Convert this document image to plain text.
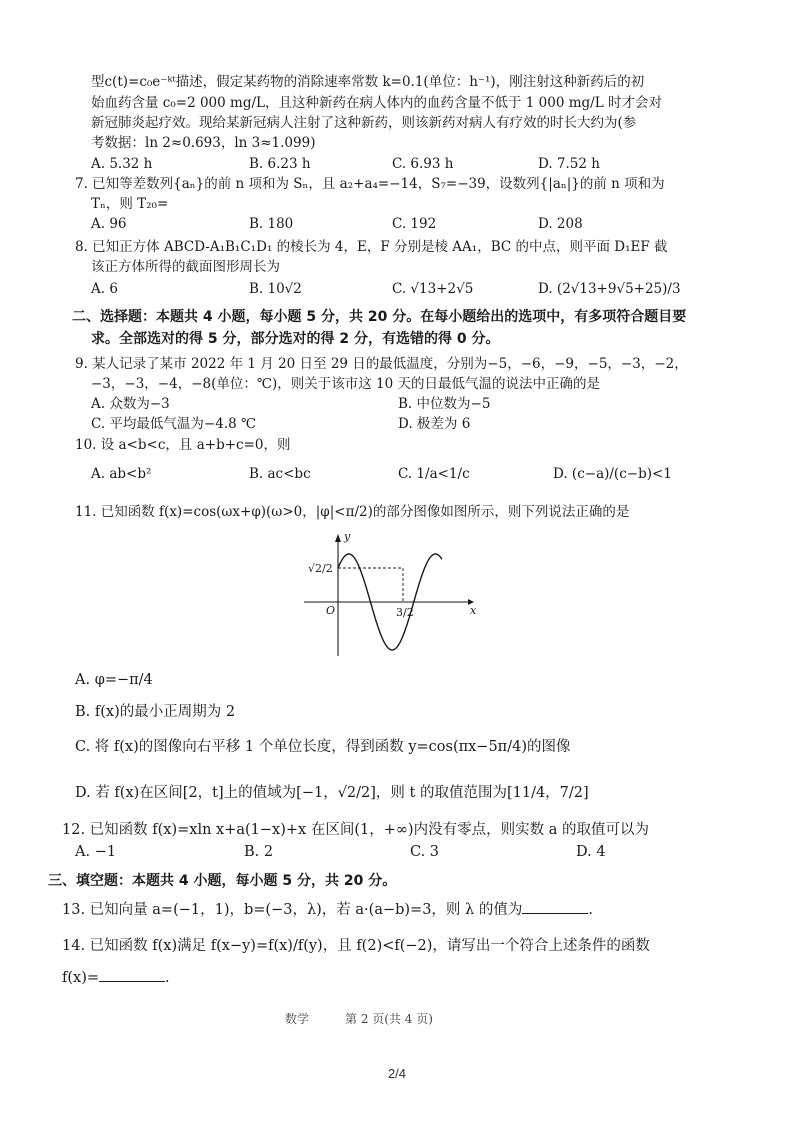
型c(t)=c₀e⁻ᵏᵗ描述，假定某药物的消除速率常数 k=0.1(单位：h⁻¹)，刚注射这种新药后的初
始血药含量 c₀=2 000 mg/L，且这种新药在病人体内的血药含量不低于 1 000 mg/L 时才会对
新冠肺炎起疗效。现给某新冠病人注射了这种新药，则该新药对病人有疗效的时长大约为(参
考数据：ln 2≈0.693，ln 3≈1.099)
A. 5.32 h	B. 6.23 h	C. 6.93 h	D. 7.52 h
7. 已知等差数列{aₙ}的前 n 项和为 Sₙ，且 a₂+a₄=−14，S₇=−39，设数列{|aₙ|}的前 n 项和为
Tₙ，则 T₂₀=
A. 96	B. 180	C. 192	D. 208
8. 已知正方体 ABCD-A₁B₁C₁D₁ 的棱长为 4，E，F 分别是棱 AA₁，BC 的中点，则平面 D₁EF 截
该正方体所得的截面图形周长为
A. 6	B. 10√2	C. √13+2√5	D. (2√13+9√5+25)/3
二、选择题：本题共 4 小题，每小题 5 分，共 20 分。在每小题给出的选项中，有多项符合题目要
求。全部选对的得 5 分，部分选对的得 2 分，有选错的得 0 分。
9. 某人记录了某市 2022 年 1 月 20 日至 29 日的最低温度，分别为−5，−6，−9，−5，−3，−2，
−3，−3，−4，−8(单位：℃)，则关于该市这 10 天的日最低气温的说法中正确的是
A. 众数为−3	B. 中位数为−5
C. 平均最低气温为−4.8 ℃	D. 极差为 6
10. 设 a<b<c，且 a+b+c=0，则
A. ab<b²	B. ac<bc	C. 1/a<1/c	D. (c−a)/(c−b)<1
11. 已知函数 f(x)=cos(ωx+φ)(ω>0，|φ|<π/2)的部分图像如图所示，则下列说法正确的是
y
x
O
√2/2
3/2
A. φ=−π/4
B. f(x)的最小正周期为 2
C. 将 f(x)的图像向右平移 1 个单位长度，得到函数 y=cos(πx−5π/4)的图像
D. 若 f(x)在区间[2，t]上的值域为[−1，√2/2]，则 t 的取值范围为[11/4，7/2]
12. 已知函数 f(x)=xln x+a(1−x)+x 在区间(1，+∞)内没有零点，则实数 a 的取值可以为
A. −1	B. 2	C. 3	D. 4
三、填空题：本题共 4 小题，每小题 5 分，共 20 分。
13. 已知向量 a=(−1，1)，b=(−3，λ)，若 a·(a−b)=3，则 λ 的值为	.
14. 已知函数 f(x)满足 f(x−y)=f(x)/f(y)，且 f(2)<f(−2)，请写出一个符合上述条件的函数
f(x)=	.
数学　　　第 2 页(共 4 页)
2/4
